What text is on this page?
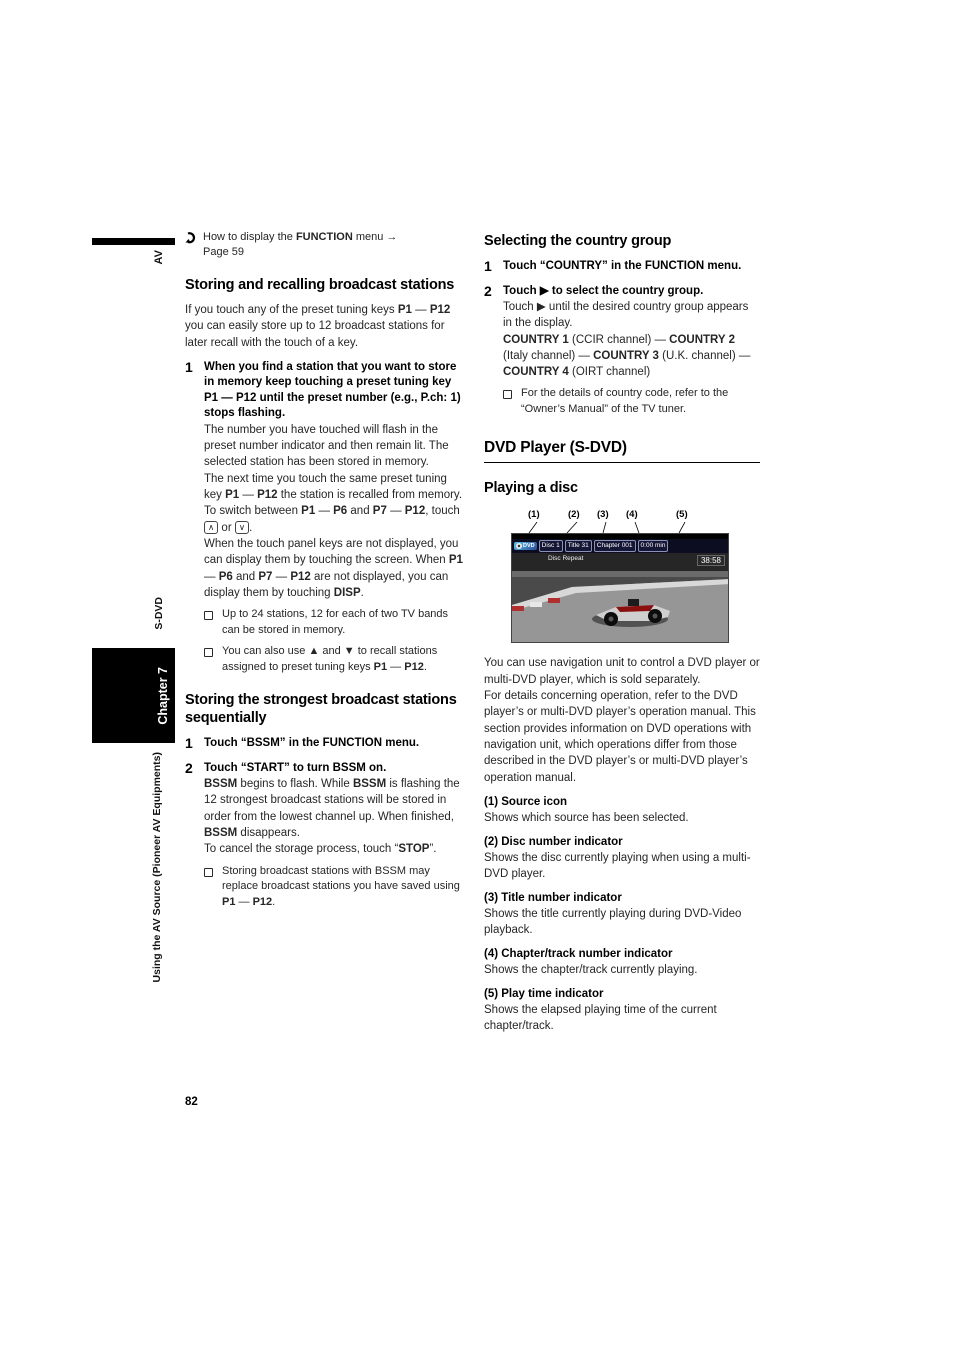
AV
S-DVD
Chapter 7
Using the AV Source (Pioneer AV Equipments)
How to display the FUNCTION menu →
Page 59
Storing and recalling broadcast stations

If you touch any of the preset tuning keys P1 — P12 you can easily store up to 12 broadcast stations for later recall with the touch of a key.

1 When you find a station that you want to store in memory keep touching a preset tuning key P1 — P12 until the preset number (e.g., P.ch: 1) stops flashing.

The number you have touched will flash in the preset number indicator and then remain lit. The selected station has been stored in memory.

The next time you touch the same preset tuning key P1 — P12 the station is recalled from memory.

To switch between P1 — P6 and P7 — P12, touch ∧ or ∨ .

When the touch panel keys are not displayed, you can display them by touching the screen. When P1 — P6 and P7 — P12 are not displayed, you can display them by touching DISP.

Up to 24 stations, 12 for each of two TV bands can be stored in memory.

You can also use ▲ and ▼ to recall stations assigned to preset tuning keys P1 — P12.

Storing the strongest broadcast stations sequentially
1 Touch “BSSM” in the FUNCTION menu.

2 Touch “START” to turn BSSM on.

BSSM begins to flash. While BSSM is flashing the 12 strongest broadcast stations will be stored in order from the lowest channel up. When finished, BSSM disappears.

To cancel the storage process, touch “STOP”.

Storing broadcast stations with BSSM may replace broadcast stations you have saved using P1 — P12.

Selecting the country group
1 Touch “COUNTRY” in the FUNCTION menu.

2 Touch ▶ to select the country group.

Touch ▶ until the desired country group appears in the display.

COUNTRY 1 (CCIR channel) — COUNTRY 2 (Italy channel) — COUNTRY 3 (U.K. channel) — COUNTRY 4 (OIRT channel)

For the details of country code, refer to the “Owner’s Manual” of the TV tuner.

DVD Player (S-DVD)
Playing a disc
(1)	(2) (3) (4)	(5)
DVD	Disc 1	Title 31	Chapter 001	0:00 min
Disc Repeat	38:58

You can use navigation unit to control a DVD player or multi-DVD player, which is sold separately.

For details concerning operation, refer to the DVD player’s or multi-DVD player’s operation manual. This section provides information on DVD operations with navigation unit, which operations differ from those described in the DVD player’s or multi-DVD player’s operation manual.

(1) Source icon

Shows which source has been selected.

(2) Disc number indicator

Shows the disc currently playing when using a multi-DVD player.

(3) Title number indicator

Shows the title currently playing during DVD-Video playback.

(4) Chapter/track number indicator

Shows the chapter/track currently playing.

(5) Play time indicator

Shows the elapsed playing time of the current chapter/track.

82
